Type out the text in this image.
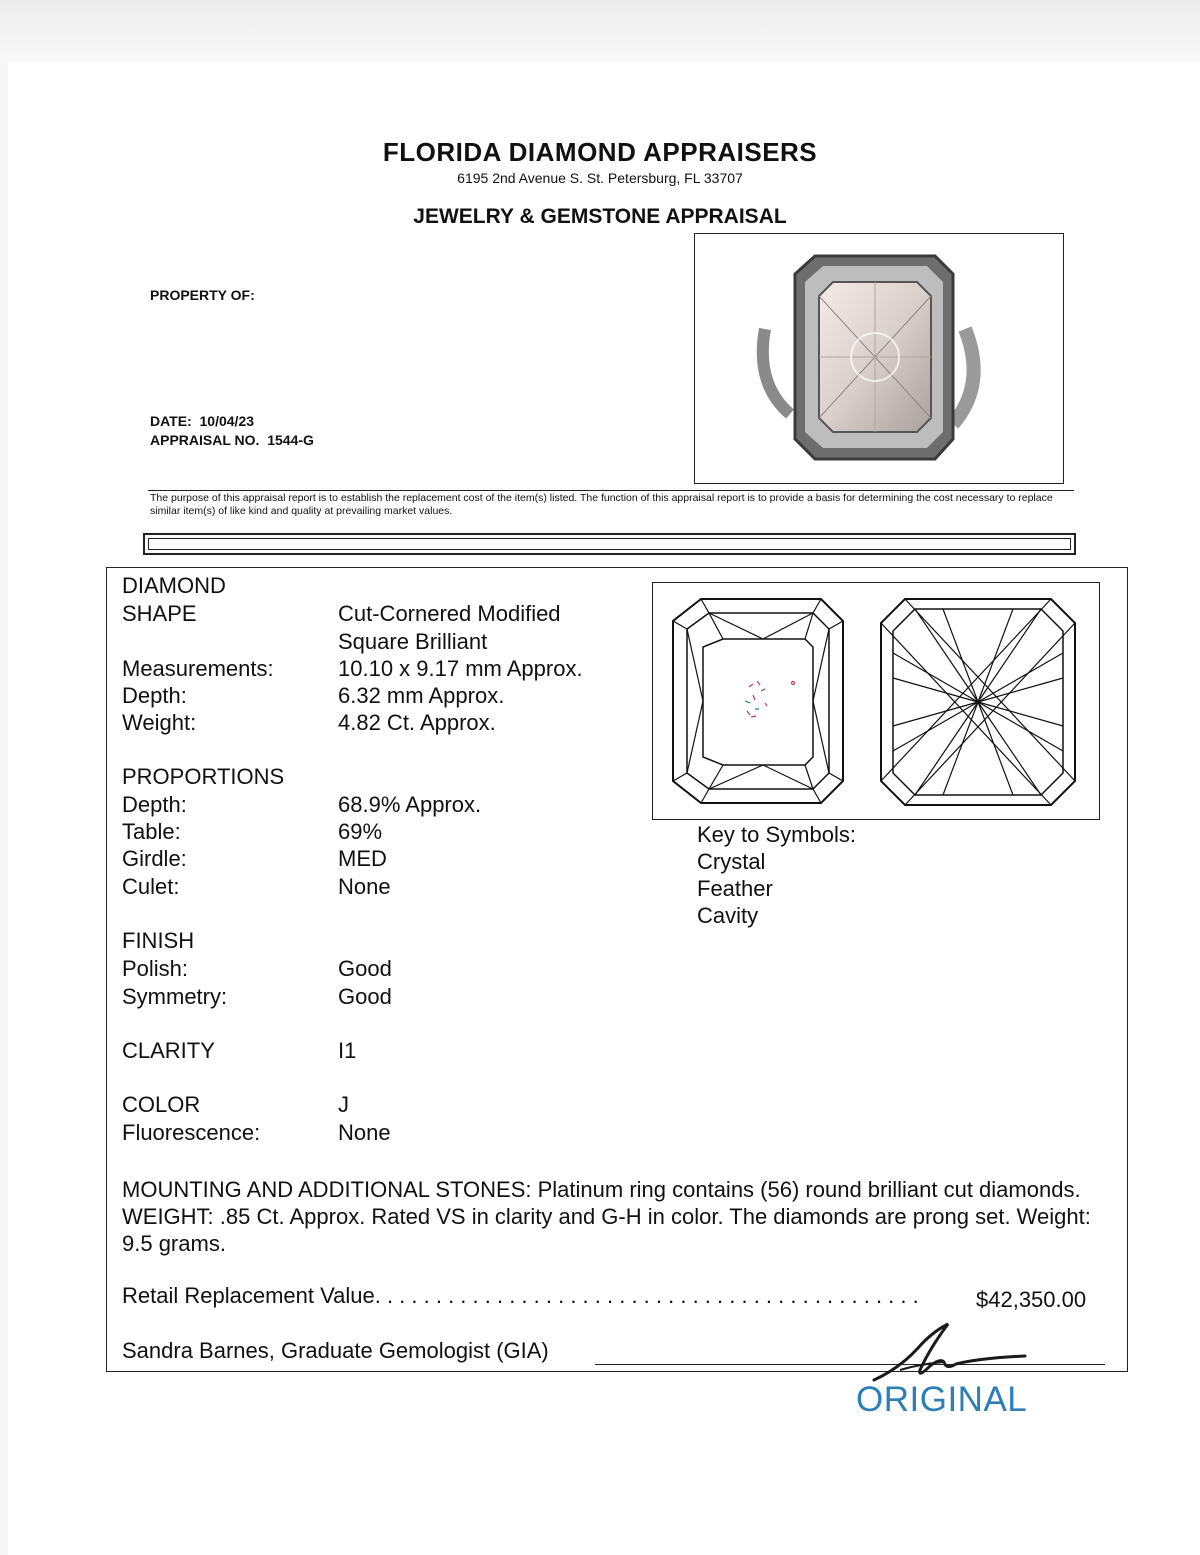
FLORIDA DIAMOND APPRAISERS
6195 2nd Avenue S. St. Petersburg, FL 33707
JEWELRY & GEMSTONE APPRAISAL
PROPERTY OF:
DATE: 10/04/23
APPRAISAL NO. 1544-G
The purpose of this appraisal report is to establish the replacement cost of the item(s) listed. The function of this appraisal report is to provide a basis for determining the cost necessary to replace similar item(s) of like kind and quality at prevailing market values.
DIAMOND
SHAPE	Cut-Cornered Modified
Square Brilliant
Measurements:	10.10 x 9.17 mm Approx.
Depth:	6.32 mm Approx.
Weight:	4.82 Ct. Approx.
PROPORTIONS
Depth:	68.9% Approx.
Table:	69%
Girdle:	MED
Culet:	None
FINISH
Polish:	Good
Symmetry:	Good
CLARITY	I1
COLOR	J
Fluorescence:	None
Key to Symbols:
Crystal
Feather
Cavity
MOUNTING AND ADDITIONAL STONES: Platinum ring contains (56) round brilliant cut diamonds. WEIGHT: .85 Ct. Approx. Rated VS in clarity and G-H in color. The diamonds are prong set. Weight: 9.5 grams.
Retail Replacement Value. . . . . . . . . . . . . . . . . . . . . . . . . . . . . . . . . . . . . . . . . . . . .	$42,350.00
Sandra Barnes, Graduate Gemologist (GIA)
ORIGINAL
